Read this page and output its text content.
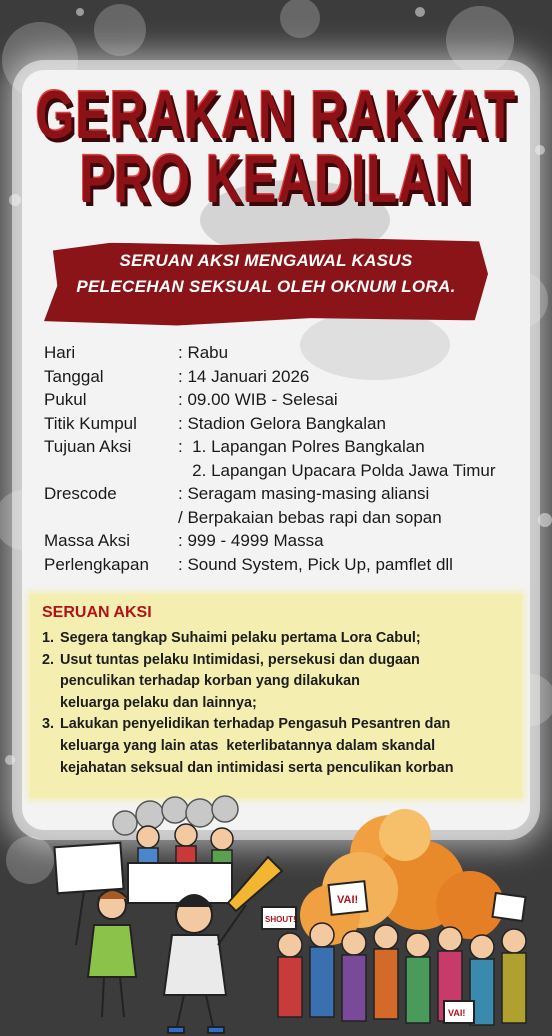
GERAKAN RAKYAT
PRO KEADILAN
SERUAN AKSI MENGAWAL KASUS
PELECEHAN SEKSUAL OLEH OKNUM LORA.
Hari	: Rabu
Tanggal	: 14 Januari 2026
Pukul	: 09.00 WIB - Selesai
Titik Kumpul	: Stadion Gelora Bangkalan
Tujuan Aksi	:  1. Lapangan Polres Bangkalan
2. Lapangan Upacara Polda Jawa Timur
Drescode	: Seragam masing-masing aliansi
/ Berpakaian bebas rapi dan sopan
Massa Aksi	: 999 - 4999 Massa
Perlengkapan	: Sound System, Pick Up, pamflet dll
SERUAN AKSI
1. Segera tangkap Suhaimi pelaku pertama Lora Cabul;
2. Usut tuntas pelaku Intimidasi, persekusi dan dugaan
penculikan terhadap korban yang dilakukan
keluarga pelaku dan lainnya;
3. Lakukan penyelidikan terhadap Pengasuh Pesantren dan
keluarga yang lain atas  keterlibatannya dalam skandal
kejahatan seksual dan intimidasi serta penculikan korban
VAI!
SHOUT!
VAI!
